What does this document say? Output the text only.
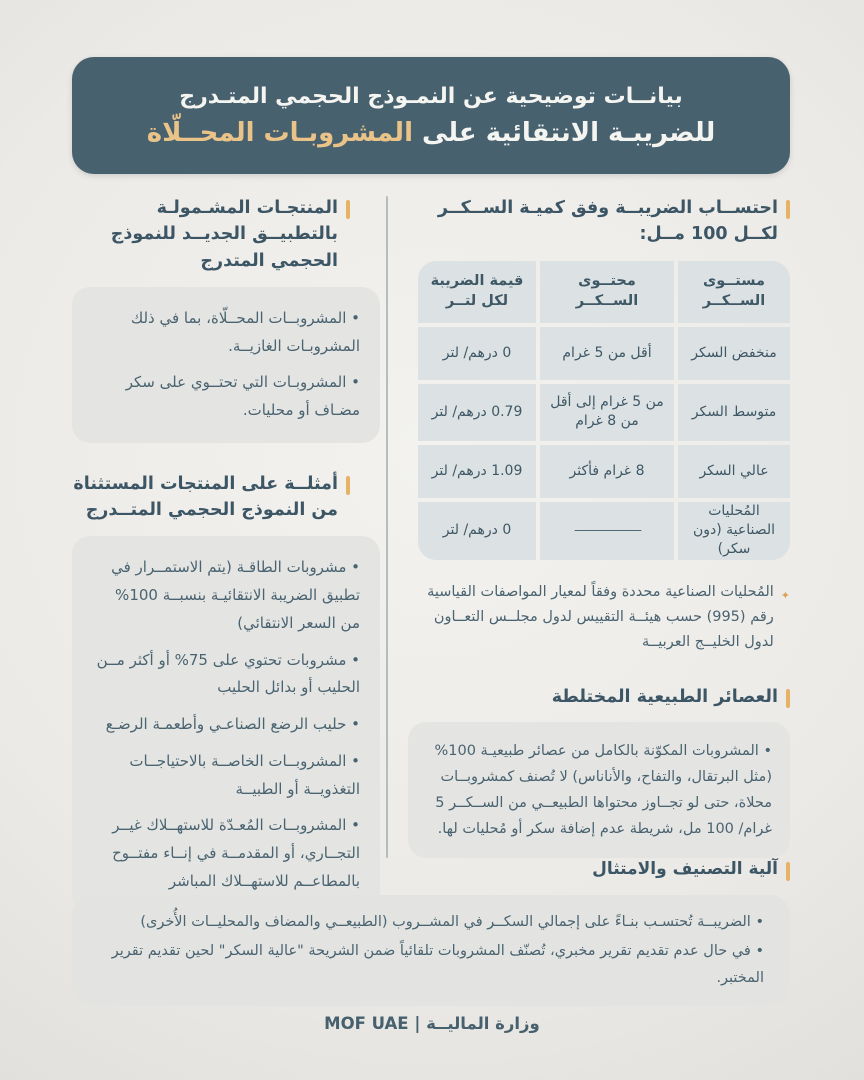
بيانــات توضيحية عن النمـوذج الحجمي المتـدرج
للضريبـة الانتقائية على
المشروبـات المحــلّاة
المنتجـات المشـمولـة بالتطبيــق الجديــد للنموذج الحجمي المتدرج
• المشروبــات المحــلّاة، بما في ذلك المشروبـات الغازيــة.
• المشروبـات التي تحتــوي على سكر مضـاف أو محليات.
أمثلــة على المنتجات المستثناة من النموذج الحجمي المتــدرج
• مشروبات الطاقـة (يتم الاستمــرار في تطبيق الضريبة الانتقائيـة بنسبــة 100% من السعر الانتقائي)
• مشروبات تحتوي على 75% أو أكثر مــن الحليب أو بدائل الحليب
• حليب الرضع الصناعـي وأطعمـة الرضـع
• المشروبــات الخاصــة بالاحتياجــات التغذويــة أو الطبيــة
• المشروبــات المُعـدّة للاستهــلاك غيــر التجــاري، أو المقدمــة في إنــاء مفتــوح بالمطاعــم للاستهــلاك المباشر
احتســاب الضريبــة وفق كميـة الســكــر لكــل 100 مــل:
مستــوى الســكــر
محتــوى الســكــر
قيمة الضريبة لكل لتــر
منخفض السكر
أقل من 5 غرام
0 درهم/ لتر
متوسط السكر
من 5 غرام إلى أقل من 8 غرام
0.79 درهم/ لتر
عالي السكر
8 غرام فأكثر
1.09 درهم/ لتر
المُحليات الصناعية (دون سكر)
——————
0 درهم/ لتر
✦
المُحليات الصناعية محددة وفقاً لمعيار المواصفات القياسية رقم (995) حسب هيئــة التقييس لدول مجلــس التعــاون لدول الخليــج العربيــة
العصائر الطبيعية المختلطة
• المشروبات المكوّنة بالكامل من عصائر طبيعيـة 100% (مثل البرتقال، والتفاح، والأناناس) لا تُصنف كمشروبــات محلاة، حتى لو تجــاوز محتواها الطبيعــي من الســكــر 5 غرام/ 100 مل، شريطة عدم إضافة سكر أو مُحليات لها.
آلية التصنيف والامتثال
• الضريبــة تُحتسـب بنـاءً على إجمالي السكــر في المشــروب (الطبيعــي والمضاف والمحليــات الأُخرى)
• في حال عدم تقديم تقرير مخبري، تُصنّف المشروبات تلقائياً ضمن الشريحة "عالية السكر" لحين تقديم تقرير المختبر.
وزارة الماليــة | MOF UAE
